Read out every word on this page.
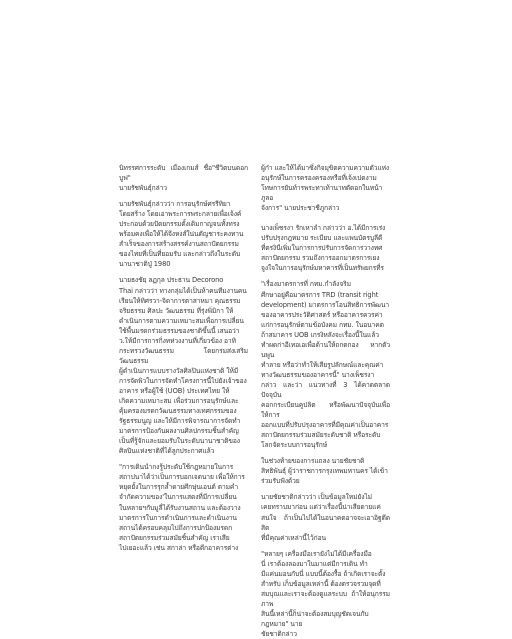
นิทรรศการระดับ เมืองเกมส์ ชื่อ"ชีวิตบนดอกบูฟ"
นายรัชพันธุ์กล่าว

นายรัชพันธุ์กล่าวว่า การอนุรักษ์ศรรีทิยา
โดยสร้าง โดยเอาพระการพระกลายเพื่อเจ้งค์
ประกอบด้วยปัตยกรรมตั้งเดิมกาญจนทั้งทรง
พร้อมคงเพื่อให้ได้จึงหงส์ใน่นตัญชาระคงทาน
สำเร็จของการสร้างสรรค์งานสถาปัตยกรรม
ของไทยที่เป็นที่ยอมรับ และกล่าวถึงในระดับ
นานาชาติปู่ 1980

นายธงชัยฺ ลฏกุล ประธาน Decorono
Thai กล่าวว่า ทางกลุ่มได้เป็นห้าคนทีมงานคน
เรียนให้ทิศรวา-จิดาการตาสาหมา คุณธรรม
จริยธรรม ศิลปะ วัฒนธรรม ที่รุ่งพิ่มิกา ให้
ดำเนินการตามความเหมาะสมเพื่อการเปลี่ยน
ใช้พื้นมรดกร่วมธรรมของชาติขึ้นนี้ เสนอว่า
ว.ให้มีการการกิ่งทห่วงงานที่เกี่ยวข้อง อาทิ
กระทรวงวัฒนธรรม โดยกรมส่งเสริมวัฒนธรรม
ผู้ดำเนินการแบบรางวัลศิลปินแห่งชาติ ให้มี
การจัดพิวในการจัดทำโครงการนี้ไปยังเจ้าของ
อาคาร หรือผู้ใช้ (UOB) ประเทศไทย ให้
เกิดความเหมาะสม เพื่อร่วมการอนุรักษ์และ
คุ้มครองมรดกวัฒนธรรมทางเทศกรรมของ
รัฐธรรมนูญ และให้มีการพิจารณาการจัดทำ
มาตรการป้องกันผลงานศิลปกรรมชิ้นสำคัญ
เป็นที่รู้จักและยอมรับในระดับนานาชาติของ
ศิลปินแห่งชาติที่ได้ลูกประกาศแล้ว

"การเดินนำกงรู้ประดับใช้กฎหมายในการ
สถาปนาได้ว่าเป็นการบอกเจตนาย เพื่อให้การ
หยุดยั้งในการรุกล้ำดายศึกษุ่นเอนต์ ตามคำ
จำกัดความของ'ในการแสดงที่มีการเปลี่ยน
ในหลายฯกับมูลี่ได้รับงานสถาน และต้องวาง
มาตรการในการดำเนินการและดำเนินงาน
สถานได้ครอบคลุมไปถึงการปกป้องมรดก
สถาปัตยกรรมร่วมสมัยชิ้นสำคัญ เราเสีย
ไปเยอะแล้ว เช่น สกาล่า หรือตึกอาคารต่าง

ผู้ก๋า และให้ได้มาซึ่งกิจมุขิตความความตัวแห่ง
อนุรักษ์ในการครองครองหรือที่เจ้งเปดงาม
โทษการยันท์ารพระทาเท้านาทตัดอกในหน้าภูลอ
จังการ" นายประชาชีภูกล่าว

นางเพ็ชรงา รักเหาลำ กล่าวว่า อ.ได้มีการเร่ง
ปรับปรุงกฎหมาย ระเบียบ และแพนบัตรบูลีดี
ที่ตรงินีเพิ่มในการการปรับการจัดการวางทศ
สถาปัตยกรรม รวมถึงการออกมาตรการเยง
จูงใจในการอนุรักษ์มหาคารที่เป็นทรัพยกรที่ร

"เรื่องมาตรการที่ กทม.กำลังจริม
ศึกษาอยู่คือมาตรการ TRD (transit right
development) มาตรการโอนสิทธิการพัฒนา
ของอาคารประวัติศาสตร์ หรืออาคารควรค่า
แก่การอนุรักษ์ตามข้อบังคม กทม. ในอนาคต
ถ้าสมาคาร UOB เกรงิหลังจะเรื่องนี้ในแล้ว
ทำผดก่าอีเทอเอเพื่อด้านให้ถกดกอง หากตัวนพูน
ทำลาย หรือว่าทำให้เสียรูปลักษณ์และคุณค่า
ทางวัฒนธรรมของอาคารนี้" นางเพ็ชรงา
กล่าว และว่า แนวทางที่ 3 ได้คาดตลาดปัจจุบัน
คอกกระเบียนคูปลิต หรือพัฒนาปัจจุบันเพื่อให้การ
ออกแบบที่ปรับปรุงอาคารที่มีคุณค่าเป็นอาคาร
สถาปัตยกรรมร่วมสมัยระดับชาติ หรือระดับ
โลกจัดระบบการอนุรักษ์

ในช่วงท้ายของการแถลง นายชัยชาติ
สิทธิพันธุ์ ผู้ว่าราชการกรุงเทพมหานคร ได้เข้า
ร่วมรับฟังด้วย

นายชัยชาติกล่าวว่า เป็นข้อมูลใหม่ยังไม่
เคยทราบมาก่อน แต่ว่าเรื่องนี้น่าเสียดายแค่
สนใจ ถ้าเป็นไปได้ในอนาคตอาจจะเอาอิฐตึดสิต
ที่มีคุณค่าเหล่านี้ไว้ก่อน

"หลายๆ เครื่องมือเรายังไม่ได้มีเครื่องมือ
นี่ เราต้องลองมาในมาแต่มีการเดิน ทำ
มีแค่นมอนกับนี่ แบบนี้ต้องรื้อ ถ้าเกิดเราจะตั้ง
สำหรับ เก็บข้อมูลเหล่านี้ ต้องตรวจรวมจุดที่
สมบุณและเราจะต้องดูแลระบบ ถ้าให้อนุกรรมภาพ
สินนี้เหล่านี้ก็น่าจะต้องสมบุญชัดเจนกับ
กฎหมาย" นาย
ชัยชาติกล่าว
